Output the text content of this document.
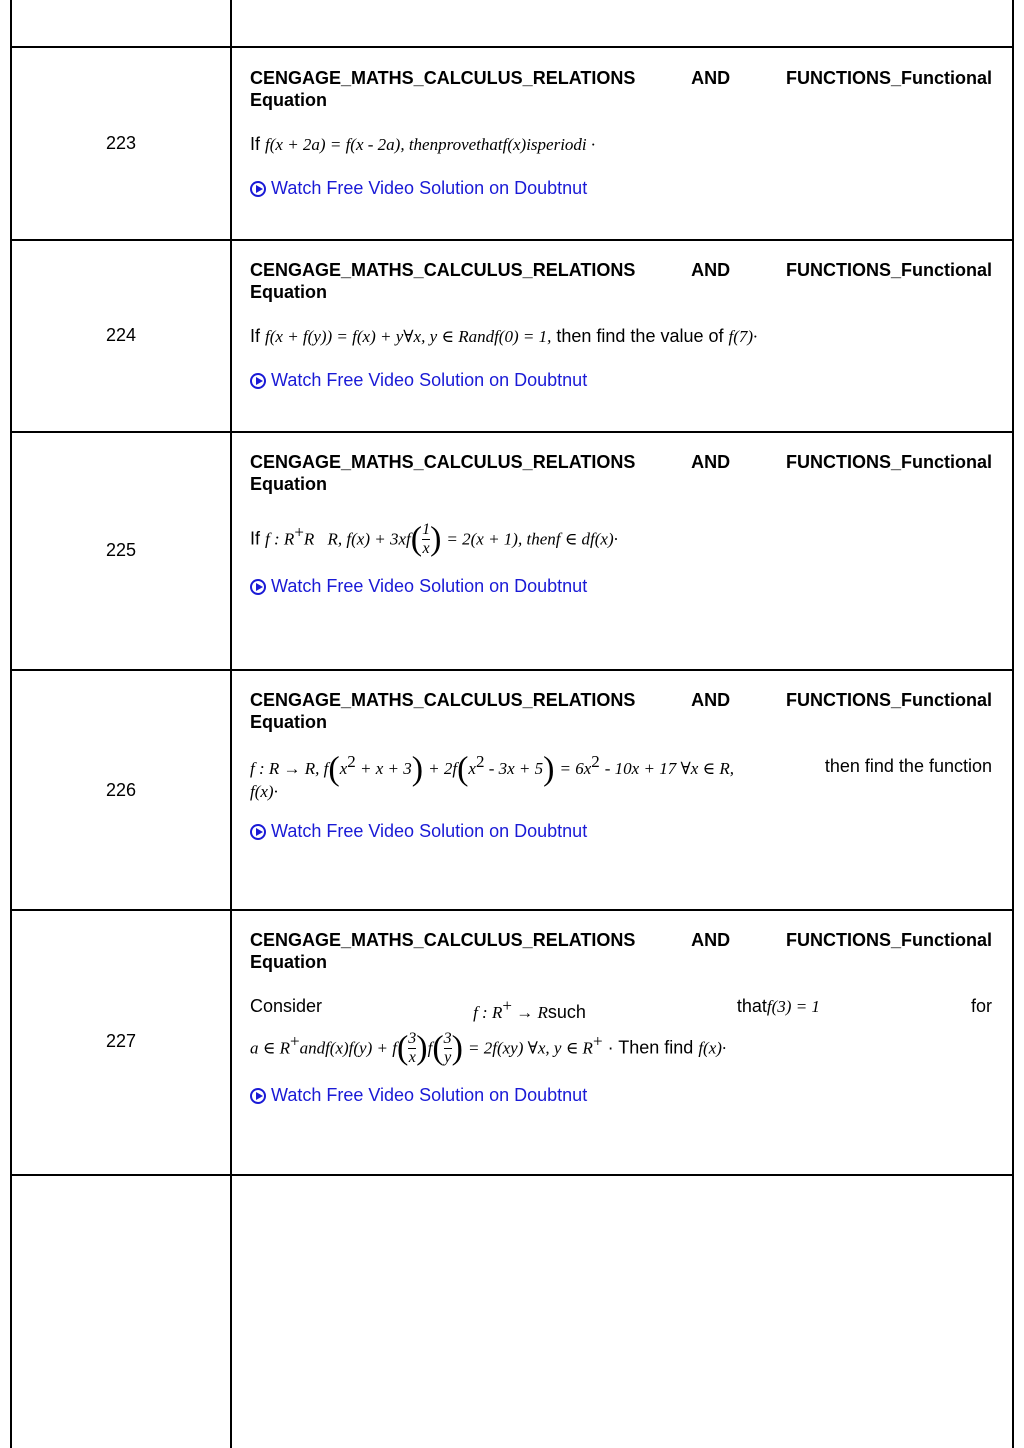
223
CENGAGE_MATHS_CALCULUS_RELATIONS	AND	FUNCTIONS_Functional
Equation
If f(x + 2a) = f(x - 2a), thenprovethatf(x)isperiodi ·
Watch Free Video Solution on Doubtnut
224
CENGAGE_MATHS_CALCULUS_RELATIONS	AND	FUNCTIONS_Functional
Equation
If f(x + f(y)) = f(x) + y∀x, y ∈ Randf(0) = 1, then find the value of f(7)·
Watch Free Video Solution on Doubtnut
225
CENGAGE_MATHS_CALCULUS_RELATIONS	AND	FUNCTIONS_Functional
Equation
If f : R+R⃗R, $f(x) + 3xf( \frac{1}{x}$ ) = 2(x + 1), thenf ∈ df(x)·
Watch Free Video Solution on Doubtnut
226
CENGAGE_MATHS_CALCULUS_RELATIONS	AND	FUNCTIONS_Functional
Equation
f : R → R, $f(x^2 + x + 3) + 2f(x^2 - 3x + 5) = 6x^2 - 10x + 17$ ∀x ∈ R,	then find the function
f(x)·
Watch Free Video Solution on Doubtnut
227
CENGAGE_MATHS_CALCULUS_RELATIONS	AND	FUNCTIONS_Functional
Equation
Consider	f : R+ → Rsuch	thatf(3) = 1	for
a ∈ R+andf(x)f(y) + $f( \frac{3}{x} )f( \frac{3}{y}$ ) = 2f(xy) ∀x, y ∈ R+ · Then find f(x)·
Watch Free Video Solution on Doubtnut
